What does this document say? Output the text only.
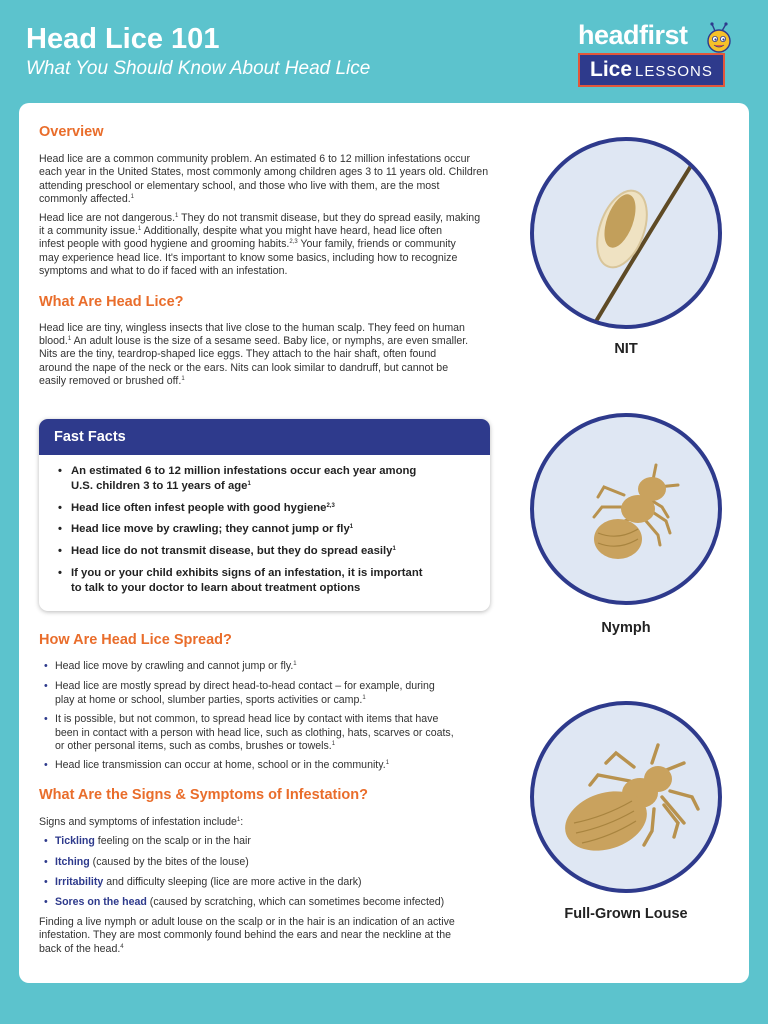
Head Lice 101
What You Should Know About Head Lice
headfirst
Lice LESSONS
Overview

Head lice are a common community problem. An estimated 6 to 12 million infestations occur
each year in the United States, most commonly among children ages 3 to 11 years old. Children
attending preschool or elementary school, and those who live with them, are the most
commonly affected.$^1$

Head lice are not dangerous.$^1$ They do not transmit disease, but they do spread easily, making
it a community issue.$^1$ Additionally, despite what you might have heard, head lice often
infest people with good hygiene and grooming habits.$^{2,3}$ Your family, friends or community
may experience head lice. It's important to know some basics, including how to recognize
symptoms and what to do if faced with an infestation.

What Are Head Lice?

Head lice are tiny, wingless insects that live close to the human scalp. They feed on human
blood.$^1$ An adult louse is the size of a sesame seed. Baby lice, or nymphs, are even smaller.
Nits are the tiny, teardrop-shaped lice eggs. They attach to the hair shaft, often found
around the nape of the neck or the ears. Nits can look similar to dandruff, but cannot be
easily removed or brushed off.$^1$

Fast Facts
• An estimated 6 to 12 million infestations occur each year among
U.S. children 3 to 11 years of age$^1$
• Head lice often infest people with good hygiene$^{2,3}$
• Head lice move by crawling; they cannot jump or fly$^1$
• Head lice do not transmit disease, but they do spread easily$^1$
• If you or your child exhibits signs of an infestation, it is important
to talk to your doctor to learn about treatment options
How Are Head Lice Spread?
• Head lice move by crawling and cannot jump or fly.$^1$
• Head lice are mostly spread by direct head-to-head contact – for example, during
play at home or school, slumber parties, sports activities or camp.$^1$
• It is possible, but not common, to spread head lice by contact with items that have
been in contact with a person with head lice, such as clothing, hats, scarves or coats,
or other personal items, such as combs, brushes or towels.$^1$
• Head lice transmission can occur at home, school or in the community.$^1$
What Are the Signs & Symptoms of Infestation?

Signs and symptoms of infestation include$^1$:

• Tickling feeling on the scalp or in the hair
• Itching (caused by the bites of the louse)
• Irritability and difficulty sleeping (lice are more active in the dark)
• Sores on the head (caused by scratching, which can sometimes become infected)

Finding a live nymph or adult louse on the scalp or in the hair is an indication of an active
infestation. They are most commonly found behind the ears and near the neckline at the
back of the head.$^4$

NIT
Nymph
Full-Grown Louse
